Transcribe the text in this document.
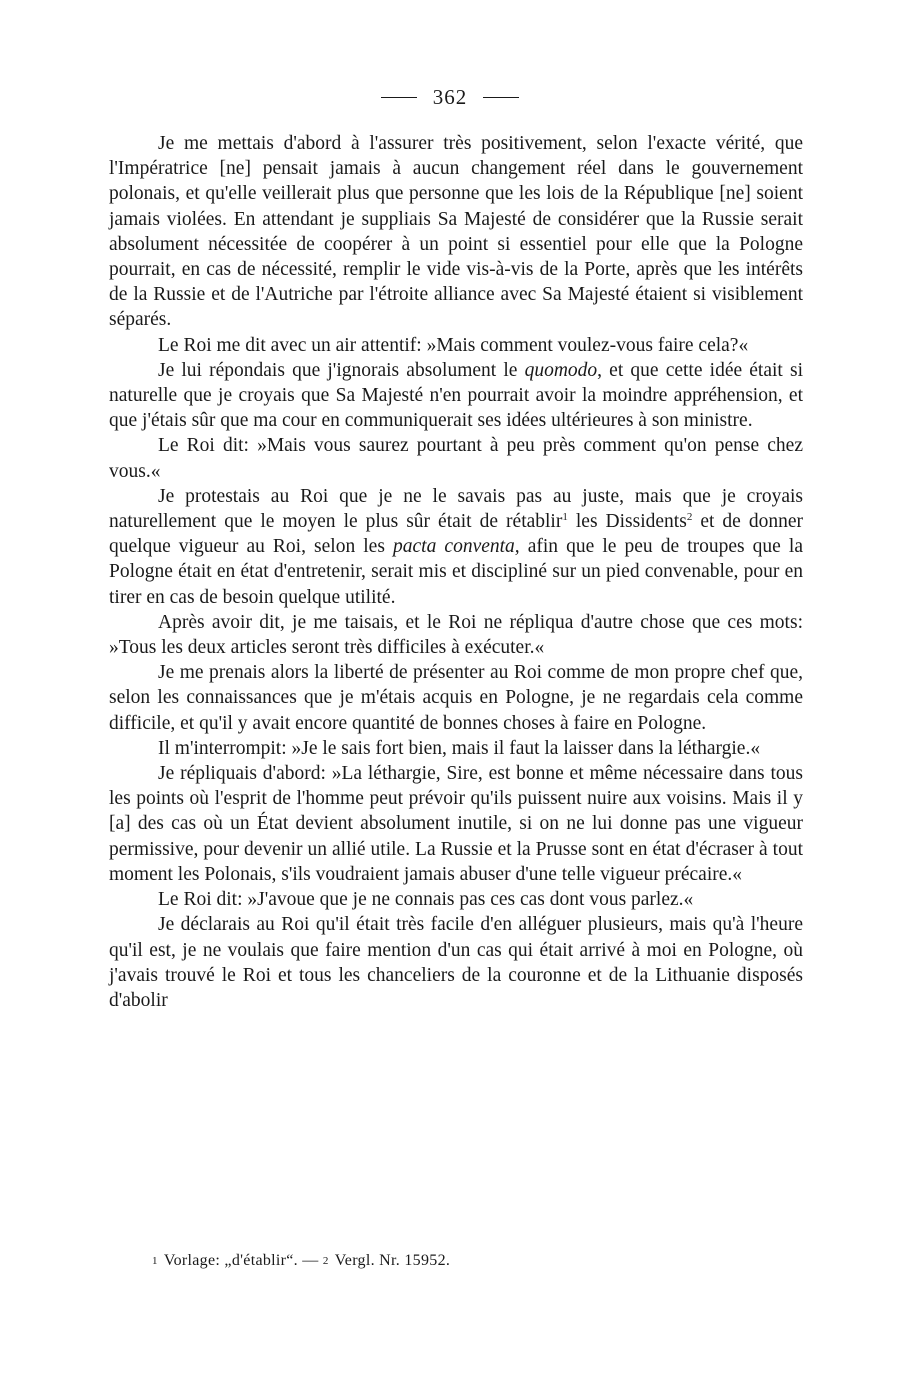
362

Je me mettais d'abord à l'assurer très positivement, selon l'exacte vérité, que l'Impératrice [ne] pensait jamais à aucun changement réel dans le gouvernement polonais, et qu'elle veillerait plus que personne que les lois de la République [ne] soient jamais violées. En attendant je suppliais Sa Majesté de considérer que la Russie serait absolument nécessitée de coopérer à un point si essentiel pour elle que la Pologne pourrait, en cas de nécessité, remplir le vide vis-à-vis de la Porte, après que les intérêts de la Russie et de l'Autriche par l'étroite alliance avec Sa Majesté étaient si visiblement séparés.

Le Roi me dit avec un air attentif: »Mais comment voulez-vous faire cela?«

Je lui répondais que j'ignorais absolument le quomodo, et que cette idée était si naturelle que je croyais que Sa Majesté n'en pourrait avoir la moindre appréhension, et que j'étais sûr que ma cour en communiquerait ses idées ultérieures à son ministre.

Le Roi dit: »Mais vous saurez pourtant à peu près comment qu'on pense chez vous.«

Je protestais au Roi que je ne le savais pas au juste, mais que je croyais naturellement que le moyen le plus sûr était de rétablir$^1$ les Dissidents$^2$ et de donner quelque vigueur au Roi, selon les pacta conventa, afin que le peu de troupes que la Pologne était en état d'entretenir, serait mis et discipliné sur un pied convenable, pour en tirer en cas de besoin quelque utilité.

Après avoir dit, je me taisais, et le Roi ne répliqua d'autre chose que ces mots: »Tous les deux articles seront très difficiles à exécuter.«

Je me prenais alors la liberté de présenter au Roi comme de mon propre chef que, selon les connaissances que je m'étais acquis en Pologne, je ne regardais cela comme difficile, et qu'il y avait encore quantité de bonnes choses à faire en Pologne.

Il m'interrompit: »Je le sais fort bien, mais il faut la laisser dans la léthargie.«

Je répliquais d'abord: »La léthargie, Sire, est bonne et même nécessaire dans tous les points où l'esprit de l'homme peut prévoir qu'ils puissent nuire aux voisins. Mais il y [a] des cas où un État devient absolument inutile, si on ne lui donne pas une vigueur permissive, pour devenir un allié utile. La Russie et la Prusse sont en état d'écraser à tout moment les Polonais, s'ils voudraient jamais abuser d'une telle vigueur précaire.«

Le Roi dit: »J'avoue que je ne connais pas ces cas dont vous parlez.«

Je déclarais au Roi qu'il était très facile d'en alléguer plusieurs, mais qu'à l'heure qu'il est, je ne voulais que faire mention d'un cas qui était arrivé à moi en Pologne, où j'avais trouvé le Roi et tous les chanceliers de la couronne et de la Lithuanie disposés d'abolir

1 Vorlage: „d'établir“. — 2 Vergl. Nr. 15952.
